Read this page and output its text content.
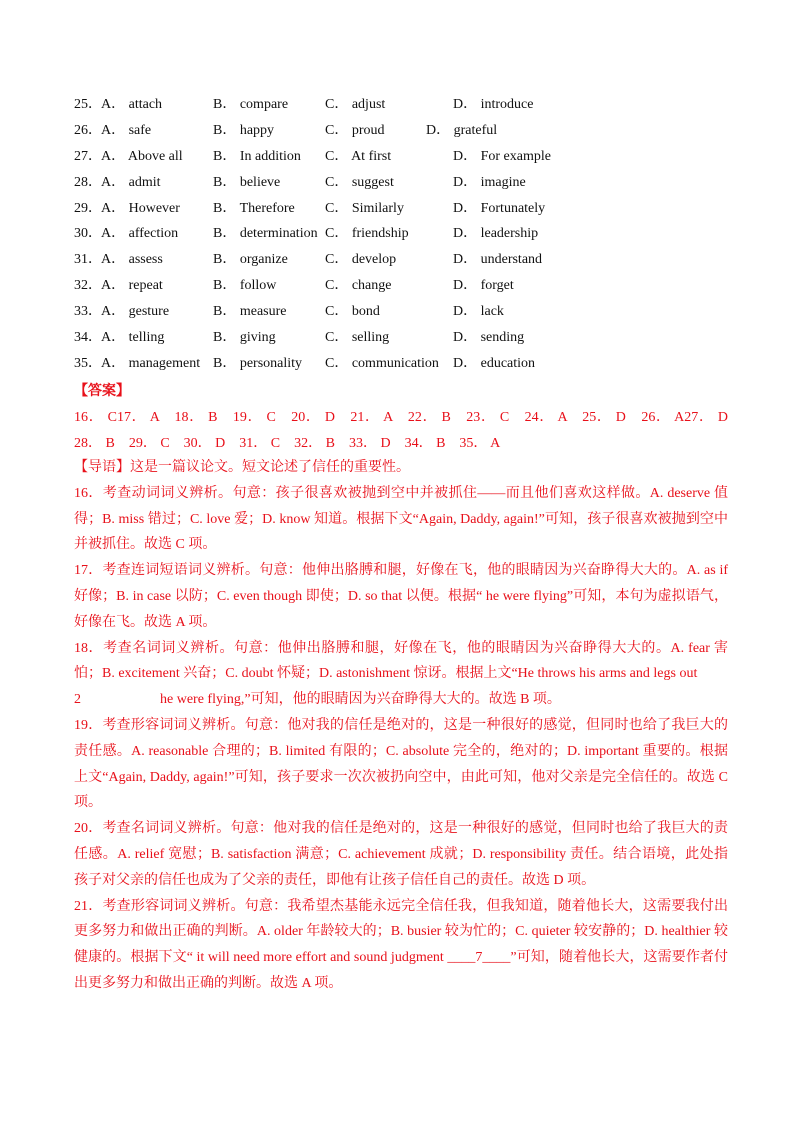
25． A． attach	B． compare	C． adjust	D． introduce
26． A． safe	B． happy	C． proud	D． grateful
27． A． Above all B． In addition C． At first	D． For example
28． A． admit	B． believe	C． suggest	D． imagine
29． A． However B． Therefore C． Similarly	D． Fortunately
30． A． affection B． determination C． friendship	D． leadership
31． A． assess	B． organize	C． develop	D． understand
32． A． repeat	B． follow	C． change	D． forget
33． A． gesture	B． measure	C． bond	D． lack
34． A． telling	B． giving	C． selling	D． sending
35． A． management B． personality C． communication D． education
【答案】
16． C17． A　18． B　19． C　20． D　21． A　22． B　23． C　24． A　25． D　26． A27． D　28． B　29． C　30． D　31． C　32． B　33． D　34． B　35． A

【导语】这是一篇议论文。短文论述了信任的重要性。

16．考查动词词义辨析。句意：孩子很喜欢被抛到空中并被抓住——而且他们喜欢这样做。A. deserve 值得；B. miss 错过；C. love 爱；D. know 知道。根据下文“Again, Daddy, again!”可知，孩子很喜欢被抛到空中并被抓住。故选 C 项。

17．考查连词短语词义辨析。句意：他伸出胳膊和腿，好像在飞，他的眼睛因为兴奋睁得大大的。A. as if 好像；B. in case 以防；C. even though 即使；D. so that 以便。根据“ he were flying”可知，本句为虚拟语气，好像在飞。故选 A 项。

18．考查名词词义辨析。句意：他伸出胳膊和腿，好像在飞，他的眼睛因为兴奋睁得大大的。A. fear 害怕；B. excitement 兴奋；C. doubt 怀疑；D. astonishment 惊讶。根据上文“He throws his arms and legs out
2	he were flying,”可知，他的眼睛因为兴奋睁得大大的。故选 B 项。

19．考查形容词词义辨析。句意：他对我的信任是绝对的，这是一种很好的感觉，但同时也给了我巨大的责任感。A. reasonable 合理的；B. limited 有限的；C. absolute 完全的，绝对的；D. important 重要的。根据上文“Again, Daddy, again!”可知，孩子要求一次次被扔向空中，由此可知，他对父亲是完全信任的。故选 C 项。

20．考查名词词义辨析。句意：他对我的信任是绝对的，这是一种很好的感觉，但同时也给了我巨大的责任感。A. relief 宽慰；B. satisfaction 满意；C. achievement 成就；D. responsibility 责任。结合语境，此处指孩子对父亲的信任也成为了父亲的责任，即他有让孩子信任自己的责任。故选 D 项。

21．考查形容词词义辨析。句意：我希望杰基能永远完全信任我，但我知道，随着他长大，这需要我付出更多努力和做出正确的判断。A. older 年龄较大的；B. busier 较为忙的；C. quieter 较安静的；D. healthier 较健康的。根据下文“ it will need more effort and sound judgment ____7____”可知，随着他长大，这需要作者付出更多努力和做出正确的判断。故选 A 项。
